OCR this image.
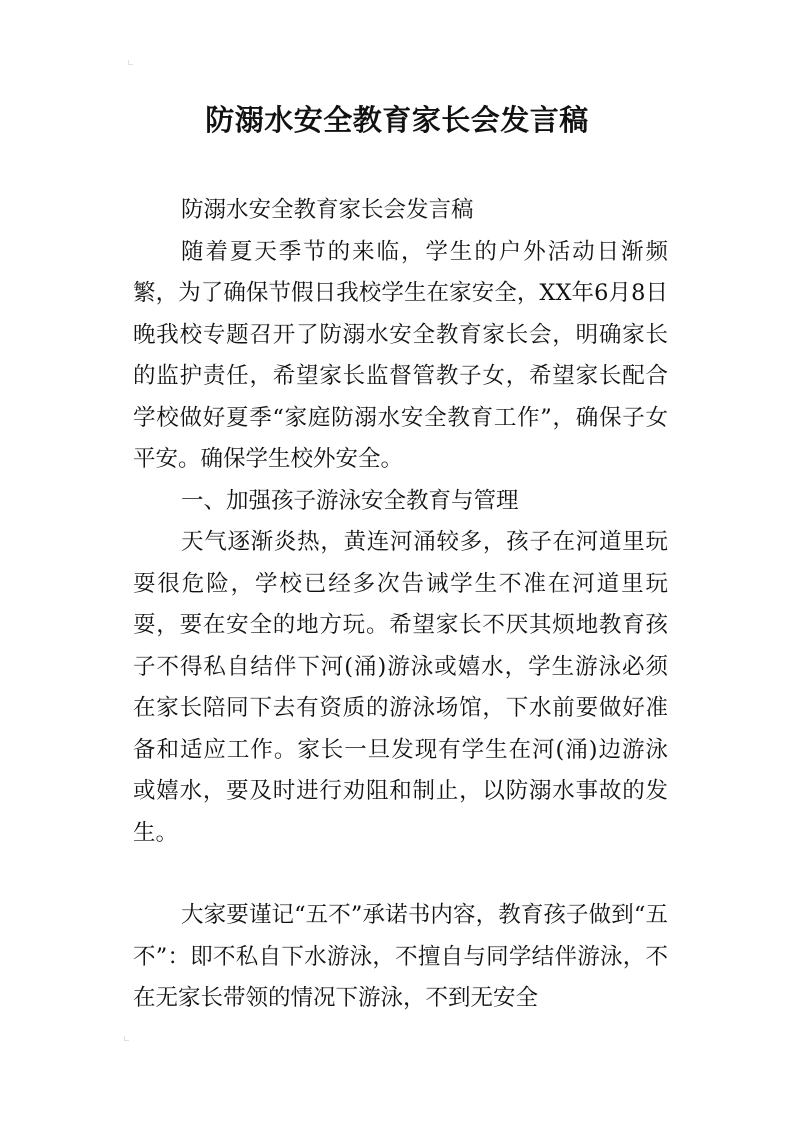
防溺水安全教育家长会发言稿

防溺水安全教育家长会发言稿

随着夏天季节的来临，学生的户外活动日渐频繁，为了确保节假日我校学生在家安全，XX年6月8日晚我校专题召开了防溺水安全教育家长会，明确家长的监护责任，希望家长监督管教子女，希望家长配合学校做好夏季“家庭防溺水安全教育工作”，确保子女平安。确保学生校外安全。

一、加强孩子游泳安全教育与管理

天气逐渐炎热，黄连河涌较多，孩子在河道里玩耍很危险，学校已经多次告诫学生不准在河道里玩耍，要在安全的地方玩。希望家长不厌其烦地教育孩子不得私自结伴下河(涌)游泳或嬉水，学生游泳必须在家长陪同下去有资质的游泳场馆，下水前要做好准备和适应工作。家长一旦发现有学生在河(涌)边游泳或嬉水，要及时进行劝阻和制止，以防溺水事故的发生。

大家要谨记“五不”承诺书内容，教育孩子做到“五不”：即不私自下水游泳，不擅自与同学结伴游泳，不在无家长带领的情况下游泳，不到无安全
